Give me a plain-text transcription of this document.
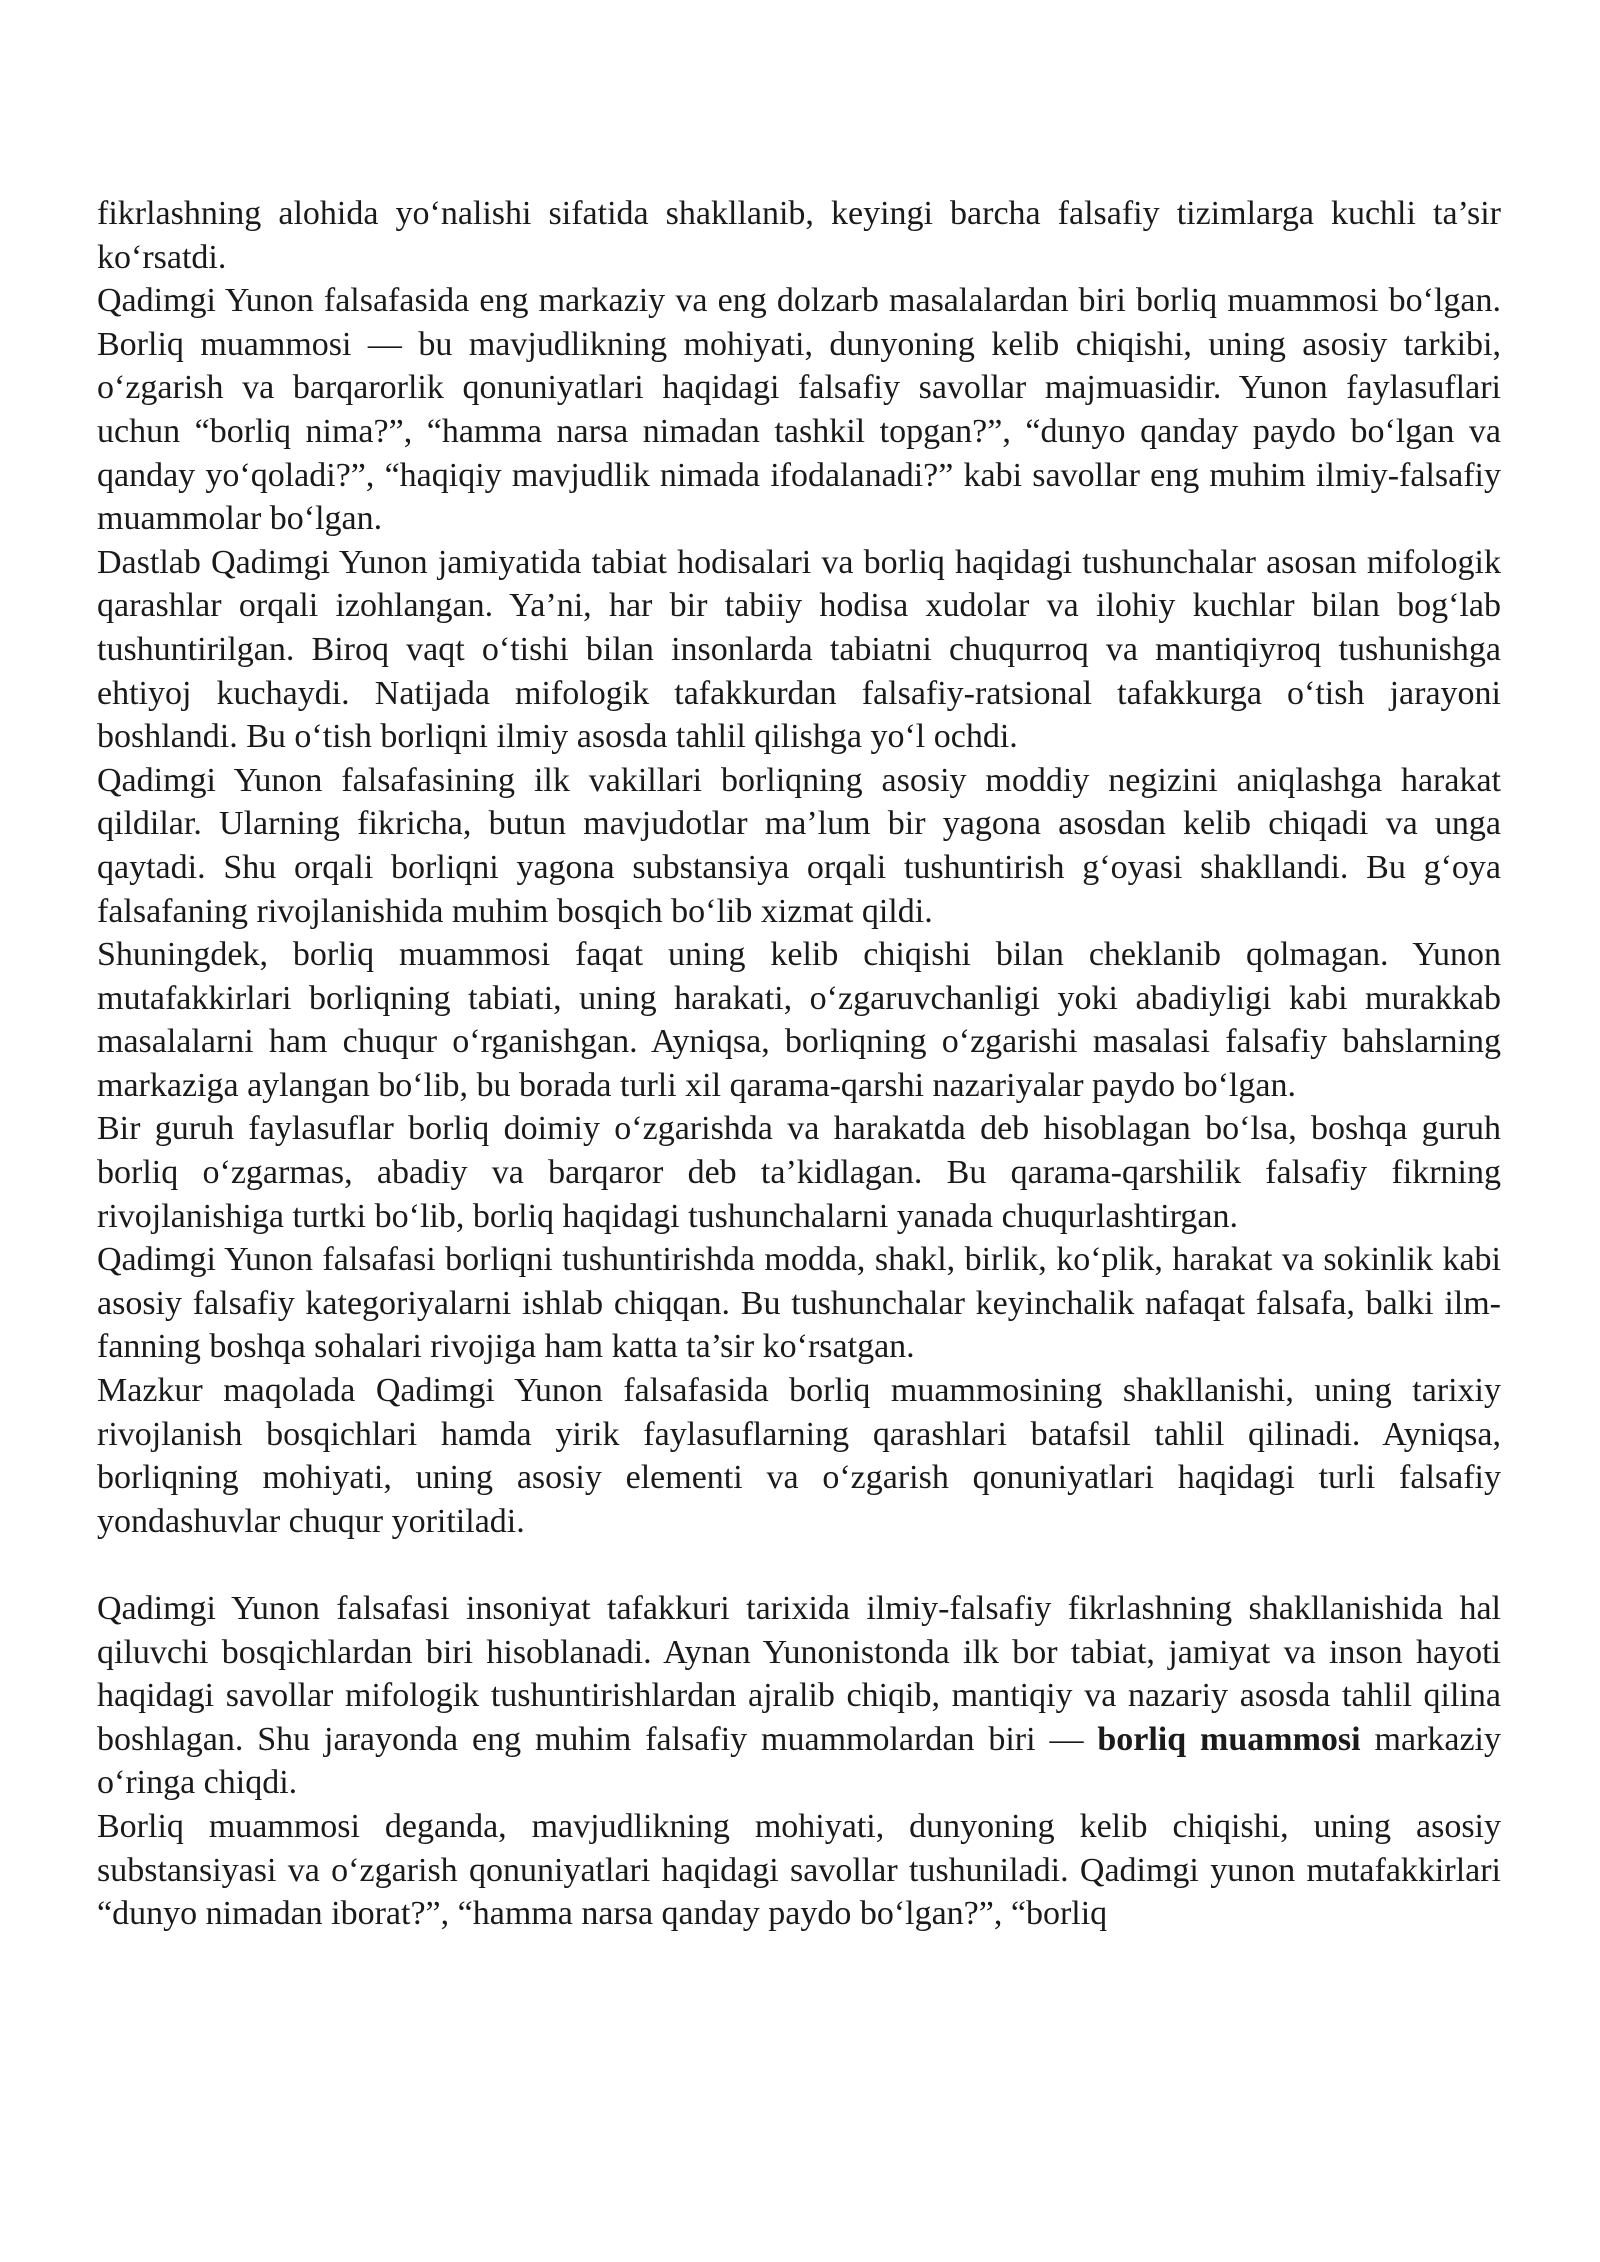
fikrlashning alohida yo‘nalishi sifatida shakllanib, keyingi barcha falsafiy tizimlarga kuchli ta’sir ko‘rsatdi.

Qadimgi Yunon falsafasida eng markaziy va eng dolzarb masalalardan biri borliq muammosi bo‘lgan. Borliq muammosi — bu mavjudlikning mohiyati, dunyoning kelib chiqishi, uning asosiy tarkibi, o‘zgarish va barqarorlik qonuniyatlari haqidagi falsafiy savollar majmuasidir. Yunon faylasuflari uchun “borliq nima?”, “hamma narsa nimadan tashkil topgan?”, “dunyo qanday paydo bo‘lgan va qanday yo‘qoladi?”, “haqiqiy mavjudlik nimada ifodalanadi?” kabi savollar eng muhim ilmiy-falsafiy muammolar bo‘lgan.

Dastlab Qadimgi Yunon jamiyatida tabiat hodisalari va borliq haqidagi tushunchalar asosan mifologik qarashlar orqali izohlangan. Ya’ni, har bir tabiiy hodisa xudolar va ilohiy kuchlar bilan bog‘lab tushuntirilgan. Biroq vaqt o‘tishi bilan insonlarda tabiatni chuqurroq va mantiqiyroq tushunishga ehtiyoj kuchaydi. Natijada mifologik tafakkurdan falsafiy-ratsional tafakkurga o‘tish jarayoni boshlandi. Bu o‘tish borliqni ilmiy asosda tahlil qilishga yo‘l ochdi.

Qadimgi Yunon falsafasining ilk vakillari borliqning asosiy moddiy negizini aniqlashga harakat qildilar. Ularning fikricha, butun mavjudotlar ma’lum bir yagona asosdan kelib chiqadi va unga qaytadi. Shu orqali borliqni yagona substansiya orqali tushuntirish g‘oyasi shakllandi. Bu g‘oya falsafaning rivojlanishida muhim bosqich bo‘lib xizmat qildi.

Shuningdek, borliq muammosi faqat uning kelib chiqishi bilan cheklanib qolmagan. Yunon mutafakkirlari borliqning tabiati, uning harakati, o‘zgaruvchanligi yoki abadiyligi kabi murakkab masalalarni ham chuqur o‘rganishgan. Ayniqsa, borliqning o‘zgarishi masalasi falsafiy bahslarning markaziga aylangan bo‘lib, bu borada turli xil qarama-qarshi nazariyalar paydo bo‘lgan.

Bir guruh faylasuflar borliq doimiy o‘zgarishda va harakatda deb hisoblagan bo‘lsa, boshqa guruh borliq o‘zgarmas, abadiy va barqaror deb ta’kidlagan. Bu qarama-qarshilik falsafiy fikrning rivojlanishiga turtki bo‘lib, borliq haqidagi tushunchalarni yanada chuqurlashtirgan.

Qadimgi Yunon falsafasi borliqni tushuntirishda modda, shakl, birlik, ko‘plik, harakat va sokinlik kabi asosiy falsafiy kategoriyalarni ishlab chiqqan. Bu tushunchalar keyinchalik nafaqat falsafa, balki ilm-fanning boshqa sohalari rivojiga ham katta ta’sir ko‘rsatgan.

Mazkur maqolada Qadimgi Yunon falsafasida borliq muammosining shakllanishi, uning tarixiy rivojlanish bosqichlari hamda yirik faylasuflarning qarashlari batafsil tahlil qilinadi. Ayniqsa, borliqning mohiyati, uning asosiy elementi va o‘zgarish qonuniyatlari haqidagi turli falsafiy yondashuvlar chuqur yoritiladi.

Qadimgi Yunon falsafasi insoniyat tafakkuri tarixida ilmiy-falsafiy fikrlashning shakllanishida hal qiluvchi bosqichlardan biri hisoblanadi. Aynan Yunonistonda ilk bor tabiat, jamiyat va inson hayoti haqidagi savollar mifologik tushuntirishlardan ajralib chiqib, mantiqiy va nazariy asosda tahlil qilina boshlagan. Shu jarayonda eng muhim falsafiy muammolardan biri — borliq muammosi markaziy o‘ringa chiqdi.

Borliq muammosi deganda, mavjudlikning mohiyati, dunyoning kelib chiqishi, uning asosiy substansiyasi va o‘zgarish qonuniyatlari haqidagi savollar tushuniladi. Qadimgi yunon mutafakkirlari “dunyo nimadan iborat?”, “hamma narsa qanday paydo bo‘lgan?”, “borliq
